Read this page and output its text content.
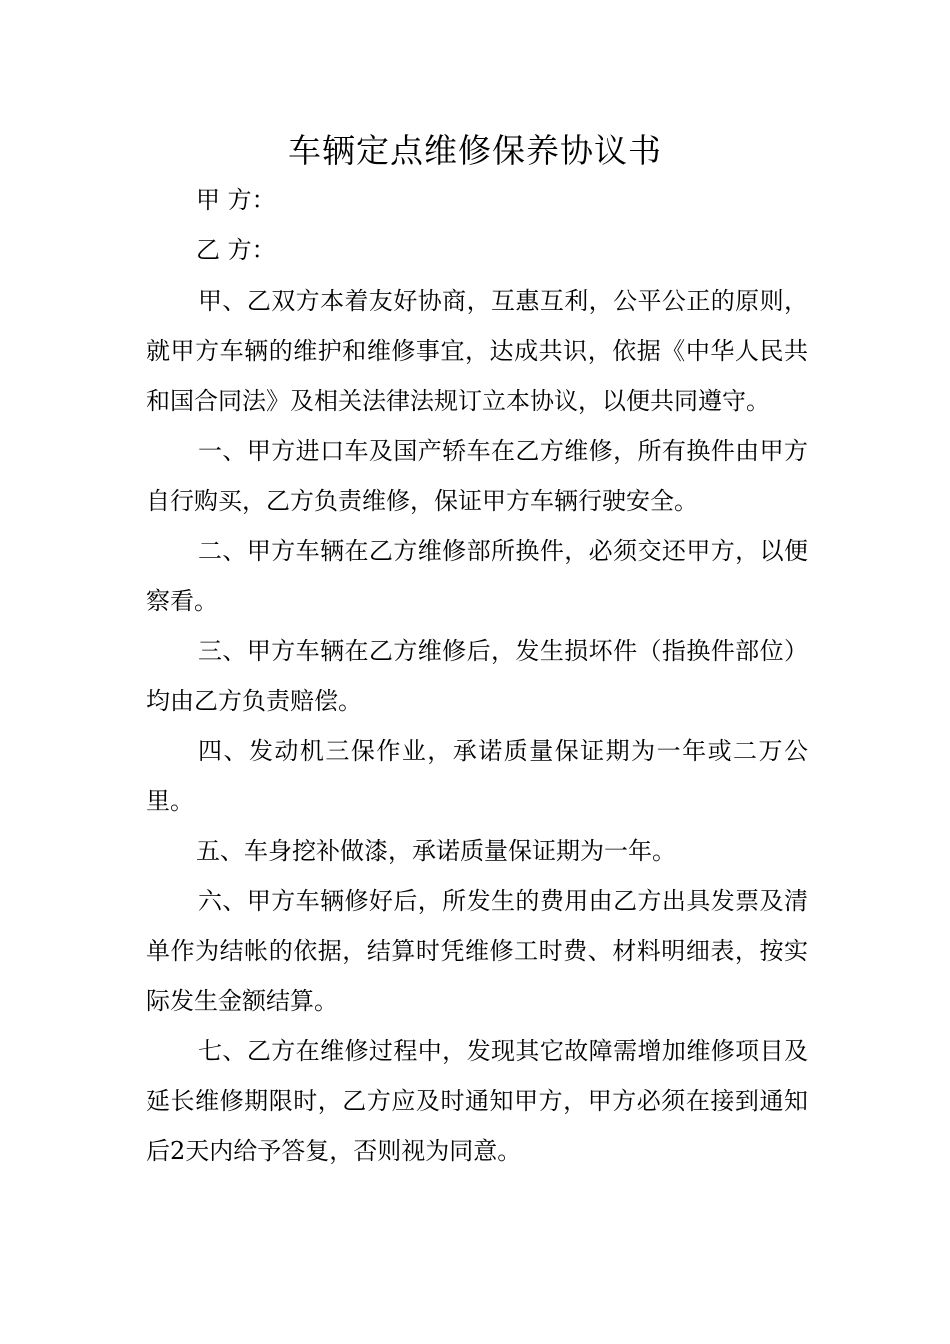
车辆定点维修保养协议书
甲 方：
乙 方：

甲、乙双方本着友好协商，互惠互利，公平公正的原则，就甲方车辆的维护和维修事宜，达成共识，依据《中华人民共和国合同法》及相关法律法规订立本协议，以便共同遵守。

一、甲方进口车及国产轿车在乙方维修，所有换件由甲方自行购买，乙方负责维修，保证甲方车辆行驶安全。

二、甲方车辆在乙方维修部所换件，必须交还甲方，以便察看。

三、甲方车辆在乙方维修后，发生损坏件（指换件部位）均由乙方负责赔偿。

四、发动机三保作业，承诺质量保证期为一年或二万公里。

五、车身挖补做漆，承诺质量保证期为一年。

六、甲方车辆修好后，所发生的费用由乙方出具发票及清单作为结帐的依据，结算时凭维修工时费、材料明细表，按实际发生金额结算。

七、乙方在维修过程中，发现其它故障需增加维修项目及延长维修期限时，乙方应及时通知甲方，甲方必须在接到通知后2天内给予答复，否则视为同意。
